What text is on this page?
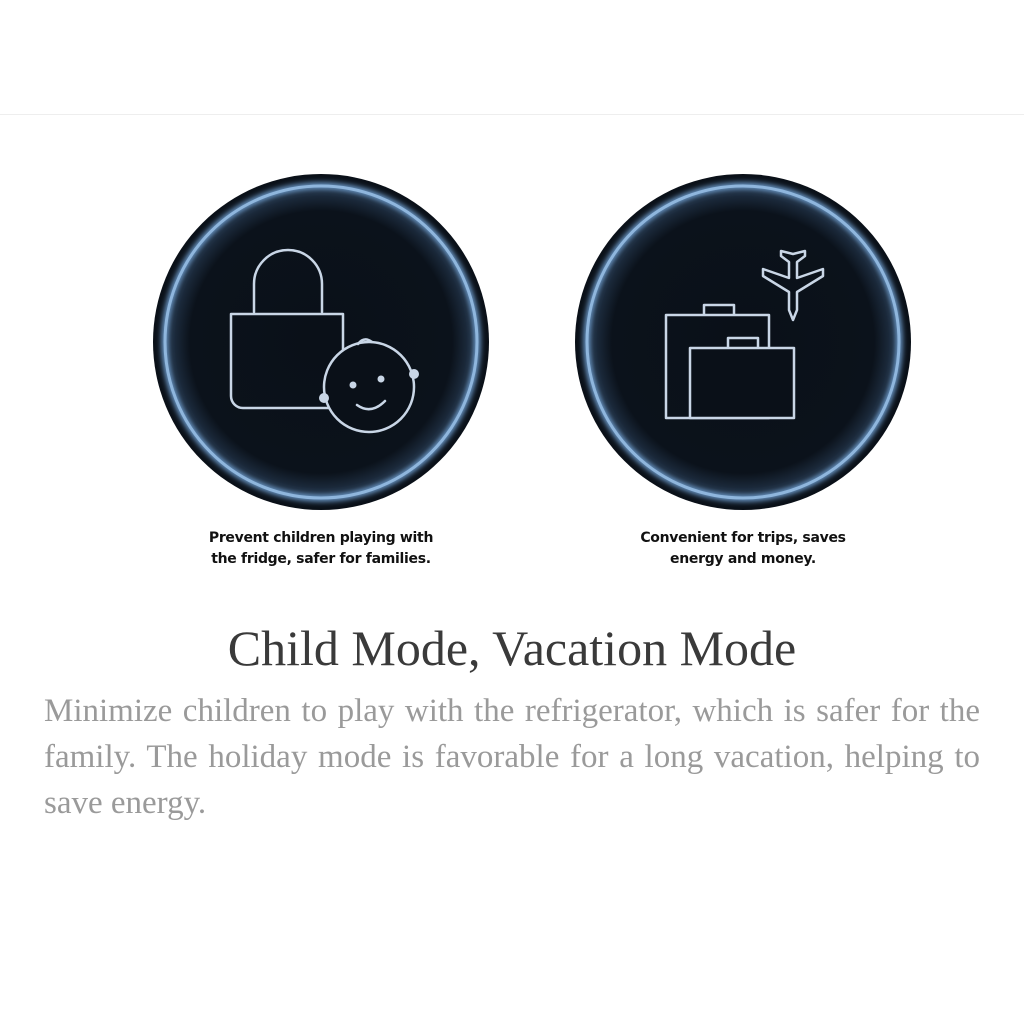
Prevent children playing with
the fridge, safer for families.
Convenient for trips, saves
energy and money.
Child Mode, Vacation Mode

Minimize children to play with the refrigerator, which is safer for the family. The holiday mode is favorable for a long vacation, helping to save energy.
